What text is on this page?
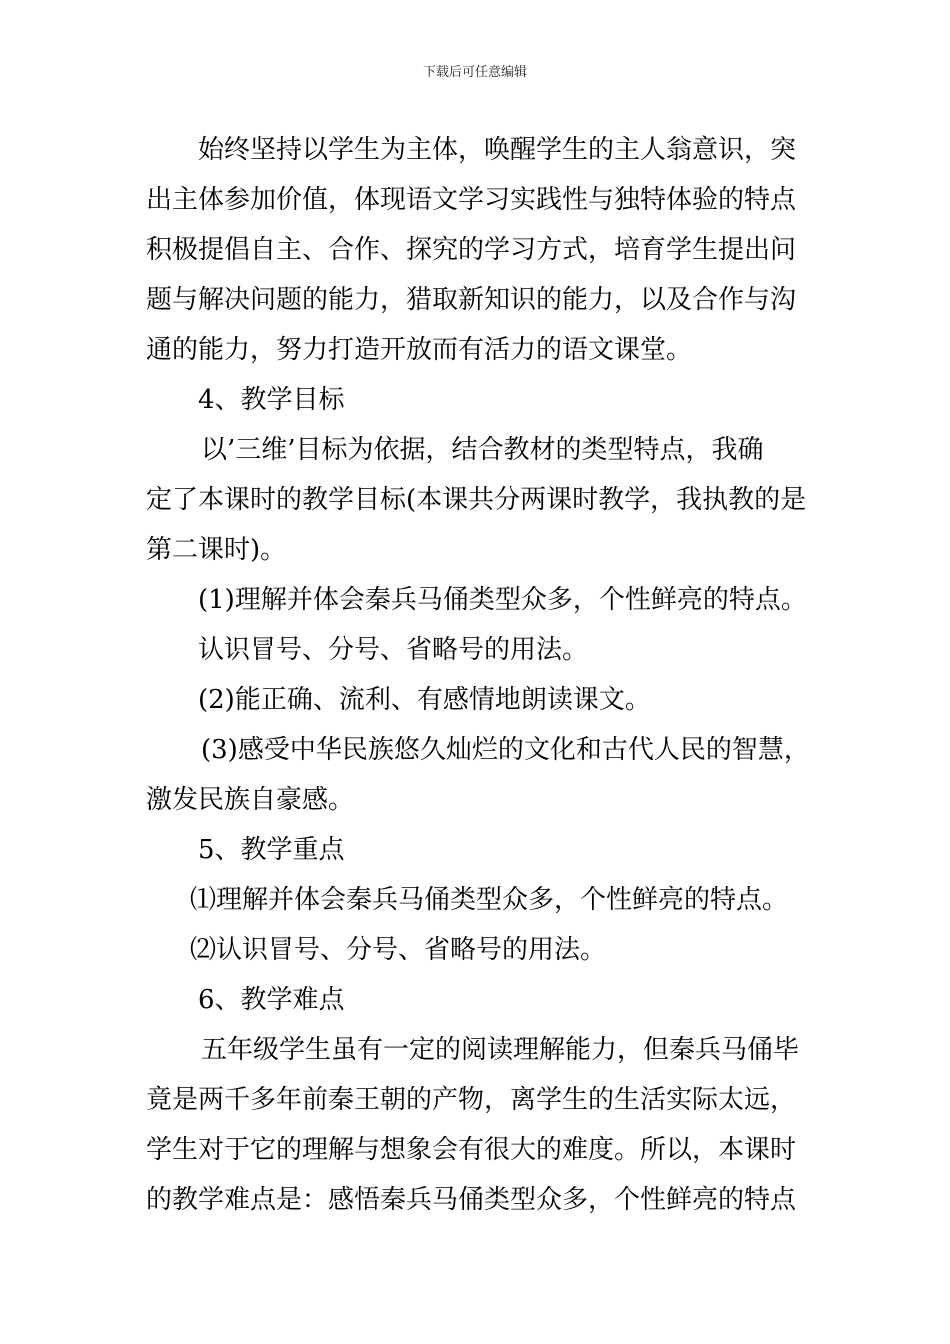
下载后可任意编辑
始终坚持以学生为主体，唤醒学生的主人翁意识，突
出主体参加价值，体现语文学习实践性与独特体验的特点
积极提倡自主、合作、探究的学习方式，培育学生提出问
题与解决问题的能力，猎取新知识的能力，以及合作与沟
通的能力，努力打造开放而有活力的语文课堂。
4、教学目标
以’三维’目标为依据，结合教材的类型特点，我确
定了本课时的教学目标(本课共分两课时教学，我执教的是
第二课时)。
(1)理解并体会秦兵马俑类型众多，个性鲜亮的特点。
认识冒号、分号、省略号的用法。
(2)能正确、流利、有感情地朗读课文。
(3)感受中华民族悠久灿烂的文化和古代人民的智慧，
激发民族自豪感。
5、教学重点
⑴理解并体会秦兵马俑类型众多，个性鲜亮的特点。
⑵认识冒号、分号、省略号的用法。
6、教学难点
五年级学生虽有一定的阅读理解能力，但秦兵马俑毕
竟是两千多年前秦王朝的产物，离学生的生活实际太远，
学生对于它的理解与想象会有很大的难度。所以，本课时
的教学难点是：感悟秦兵马俑类型众多，个性鲜亮的特点
